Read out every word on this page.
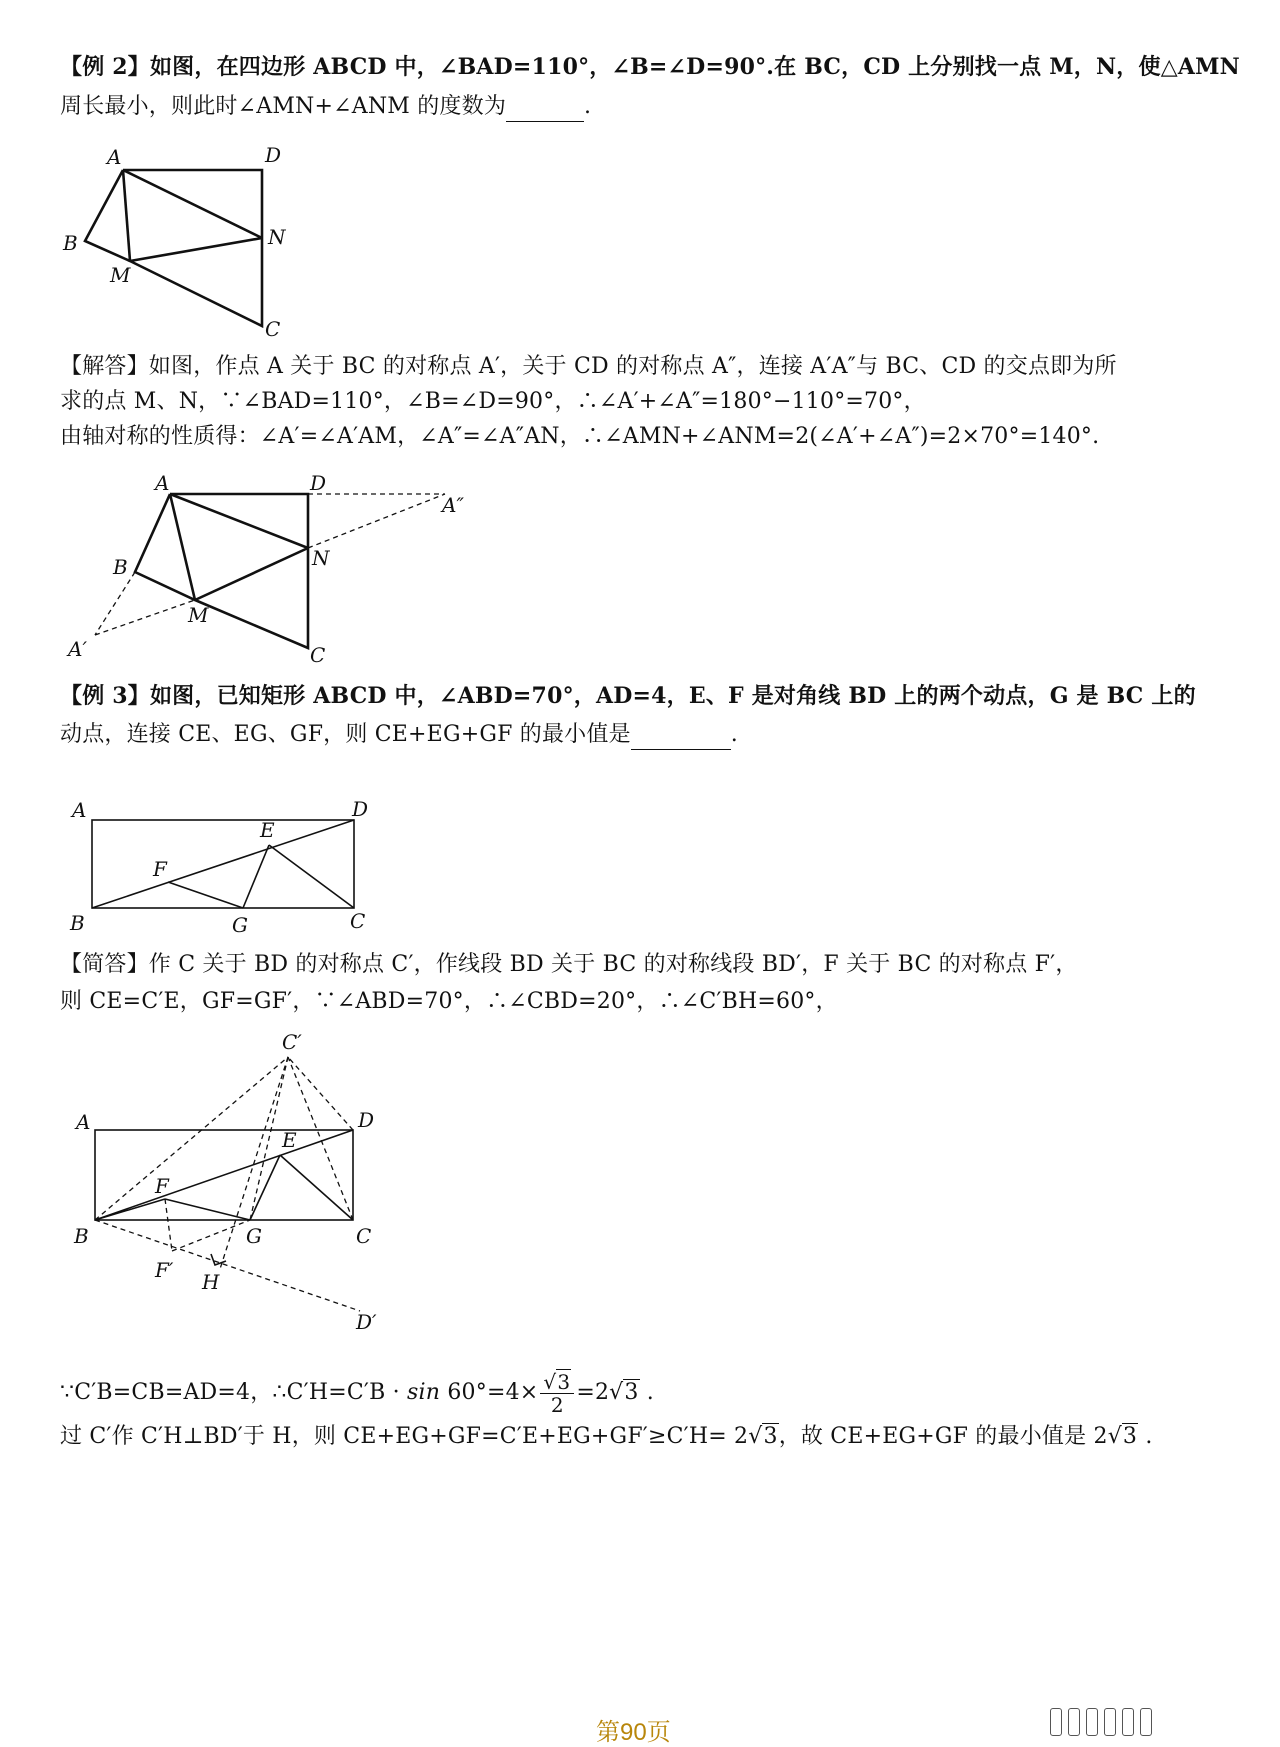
【例 2】如图，在四边形 ABCD 中，∠BAD=110°，∠B=∠D=90°.在 BC，CD 上分别找一点 M，N，使△AMN
周长最小，则此时∠AMN+∠ANM 的度数为	.
A	D
B	N
M
C
【解答】如图，作点 A 关于 BC 的对称点 A′，关于 CD 的对称点 A″，连接 A′A″与 BC、CD 的交点即为所
求的点 M、N，∵∠BAD=110°，∠B=∠D=90°，∴∠A′+∠A″=180°−110°=70°，
由轴对称的性质得：∠A′=∠A′AM，∠A″=∠A″AN，∴∠AMN+∠ANM=2(∠A′+∠A″)=2×70°=140°.
A	D
A″
B	N
M
A′	C
【例 3】如图，已知矩形 ABCD 中，∠ABD=70°，AD=4，E、F 是对角线 BD 上的两个动点，G 是 BC 上的
动点，连接 CE、EG、GF，则 CE+EG+GF 的最小值是	.
A	D
E
F
B	G	C
【简答】作 C 关于 BD 的对称点 C′，作线段 BD 关于 BC 的对称线段 BD′，F 关于 BC 的对称点 F′，
则 CE=C′E，GF=GF′，∵∠ABD=70°，∴∠CBD=20°，∴∠C′BH=60°，
C′
A	D
E
F
B	G	C
F′ H
D′
∵C′B=CB=AD=4，∴C′H=C′B · $\sin 60^\circ=4\times \frac{√3}{2} =2√3$ .
过 C′作 C′H⊥BD′于 H，则 CE+EG+GF=C′E+EG+GF′≥C′H= 2√3，故 CE+EG+GF 的最小值是 2√3 .
第90页
